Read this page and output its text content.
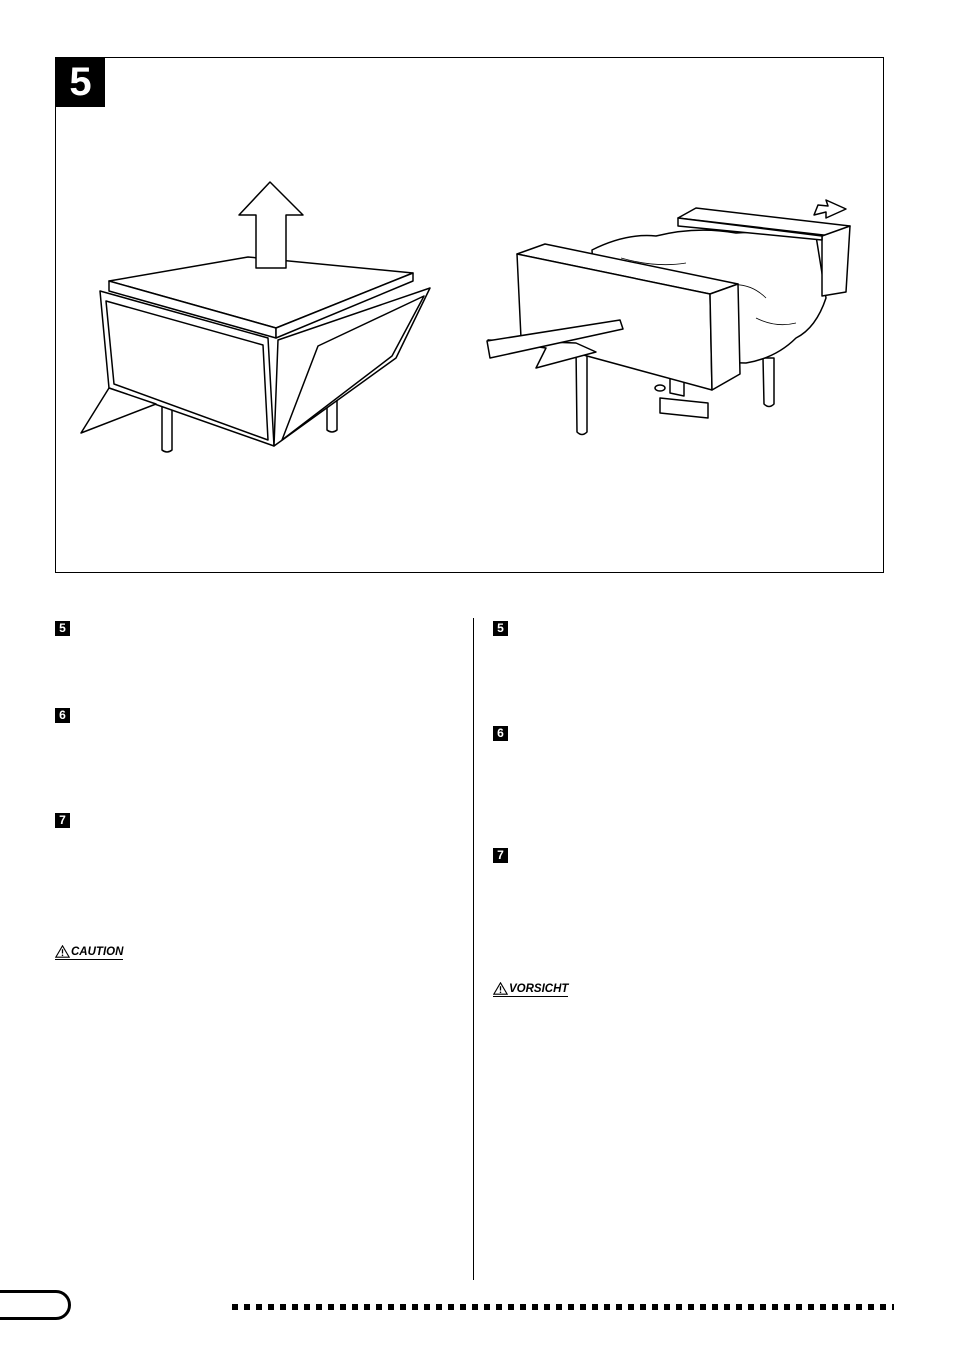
5
5
6
7
CAUTION
5
6
7
VORSICHT
